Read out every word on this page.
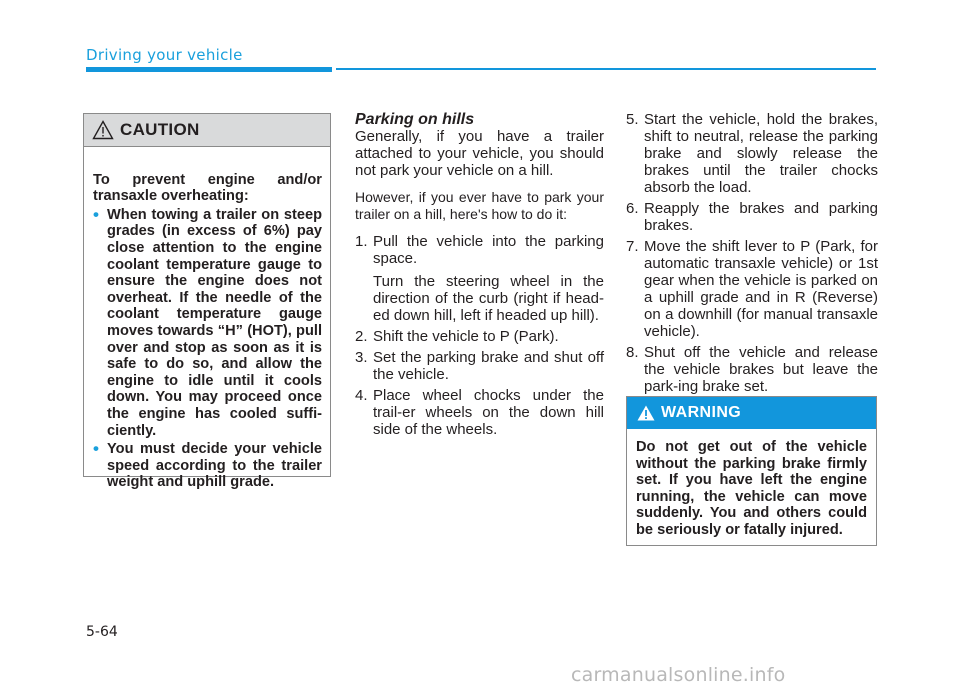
Driving your vehicle
CAUTION

To prevent engine and/or transaxle overheating:

• When towing a trailer on steep grades (in excess of 6%) pay close attention to the engine coolant temperature gauge to ensure the engine does not overheat. If the needle of the coolant temperature gauge moves towards “H” (HOT), pull over and stop as soon as it is safe to do so, and allow the engine to idle until it cools down. You may proceed once the engine has cooled suffi-ciently.
• You must decide your vehicle speed according to the trailer weight and uphill grade.

Parking on hills

Generally, if you have a trailer attached to your vehicle, you should not park your vehicle on a hill.

However, if you ever have to park your trailer on a hill, here's how to do it:

1. Pull the vehicle into the parking space.
Turn the steering wheel in the direction of the curb (right if head-ed down hill, left if headed up hill).
2. Shift the vehicle to P (Park).
3. Set the parking brake and shut off the vehicle.
4. Place wheel chocks under the trail-er wheels on the down hill side of the wheels.
5. Start the vehicle, hold the brakes, shift to neutral, release the parking brake and slowly release the brakes until the trailer chocks absorb the load.
6. Reapply the brakes and parking brakes.
7. Move the shift lever to P (Park, for automatic transaxle vehicle) or 1st gear when the vehicle is parked on a uphill grade and in R (Reverse) on a downhill (for manual transaxle vehicle).
8. Shut off the vehicle and release the vehicle brakes but leave the park-ing brake set.
WARNING
Do not get out of the vehicle without the parking brake firmly set. If you have left the engine running, the vehicle can move suddenly. You and others could be seriously or fatally injured.
5-64
carmanualsonline.info
